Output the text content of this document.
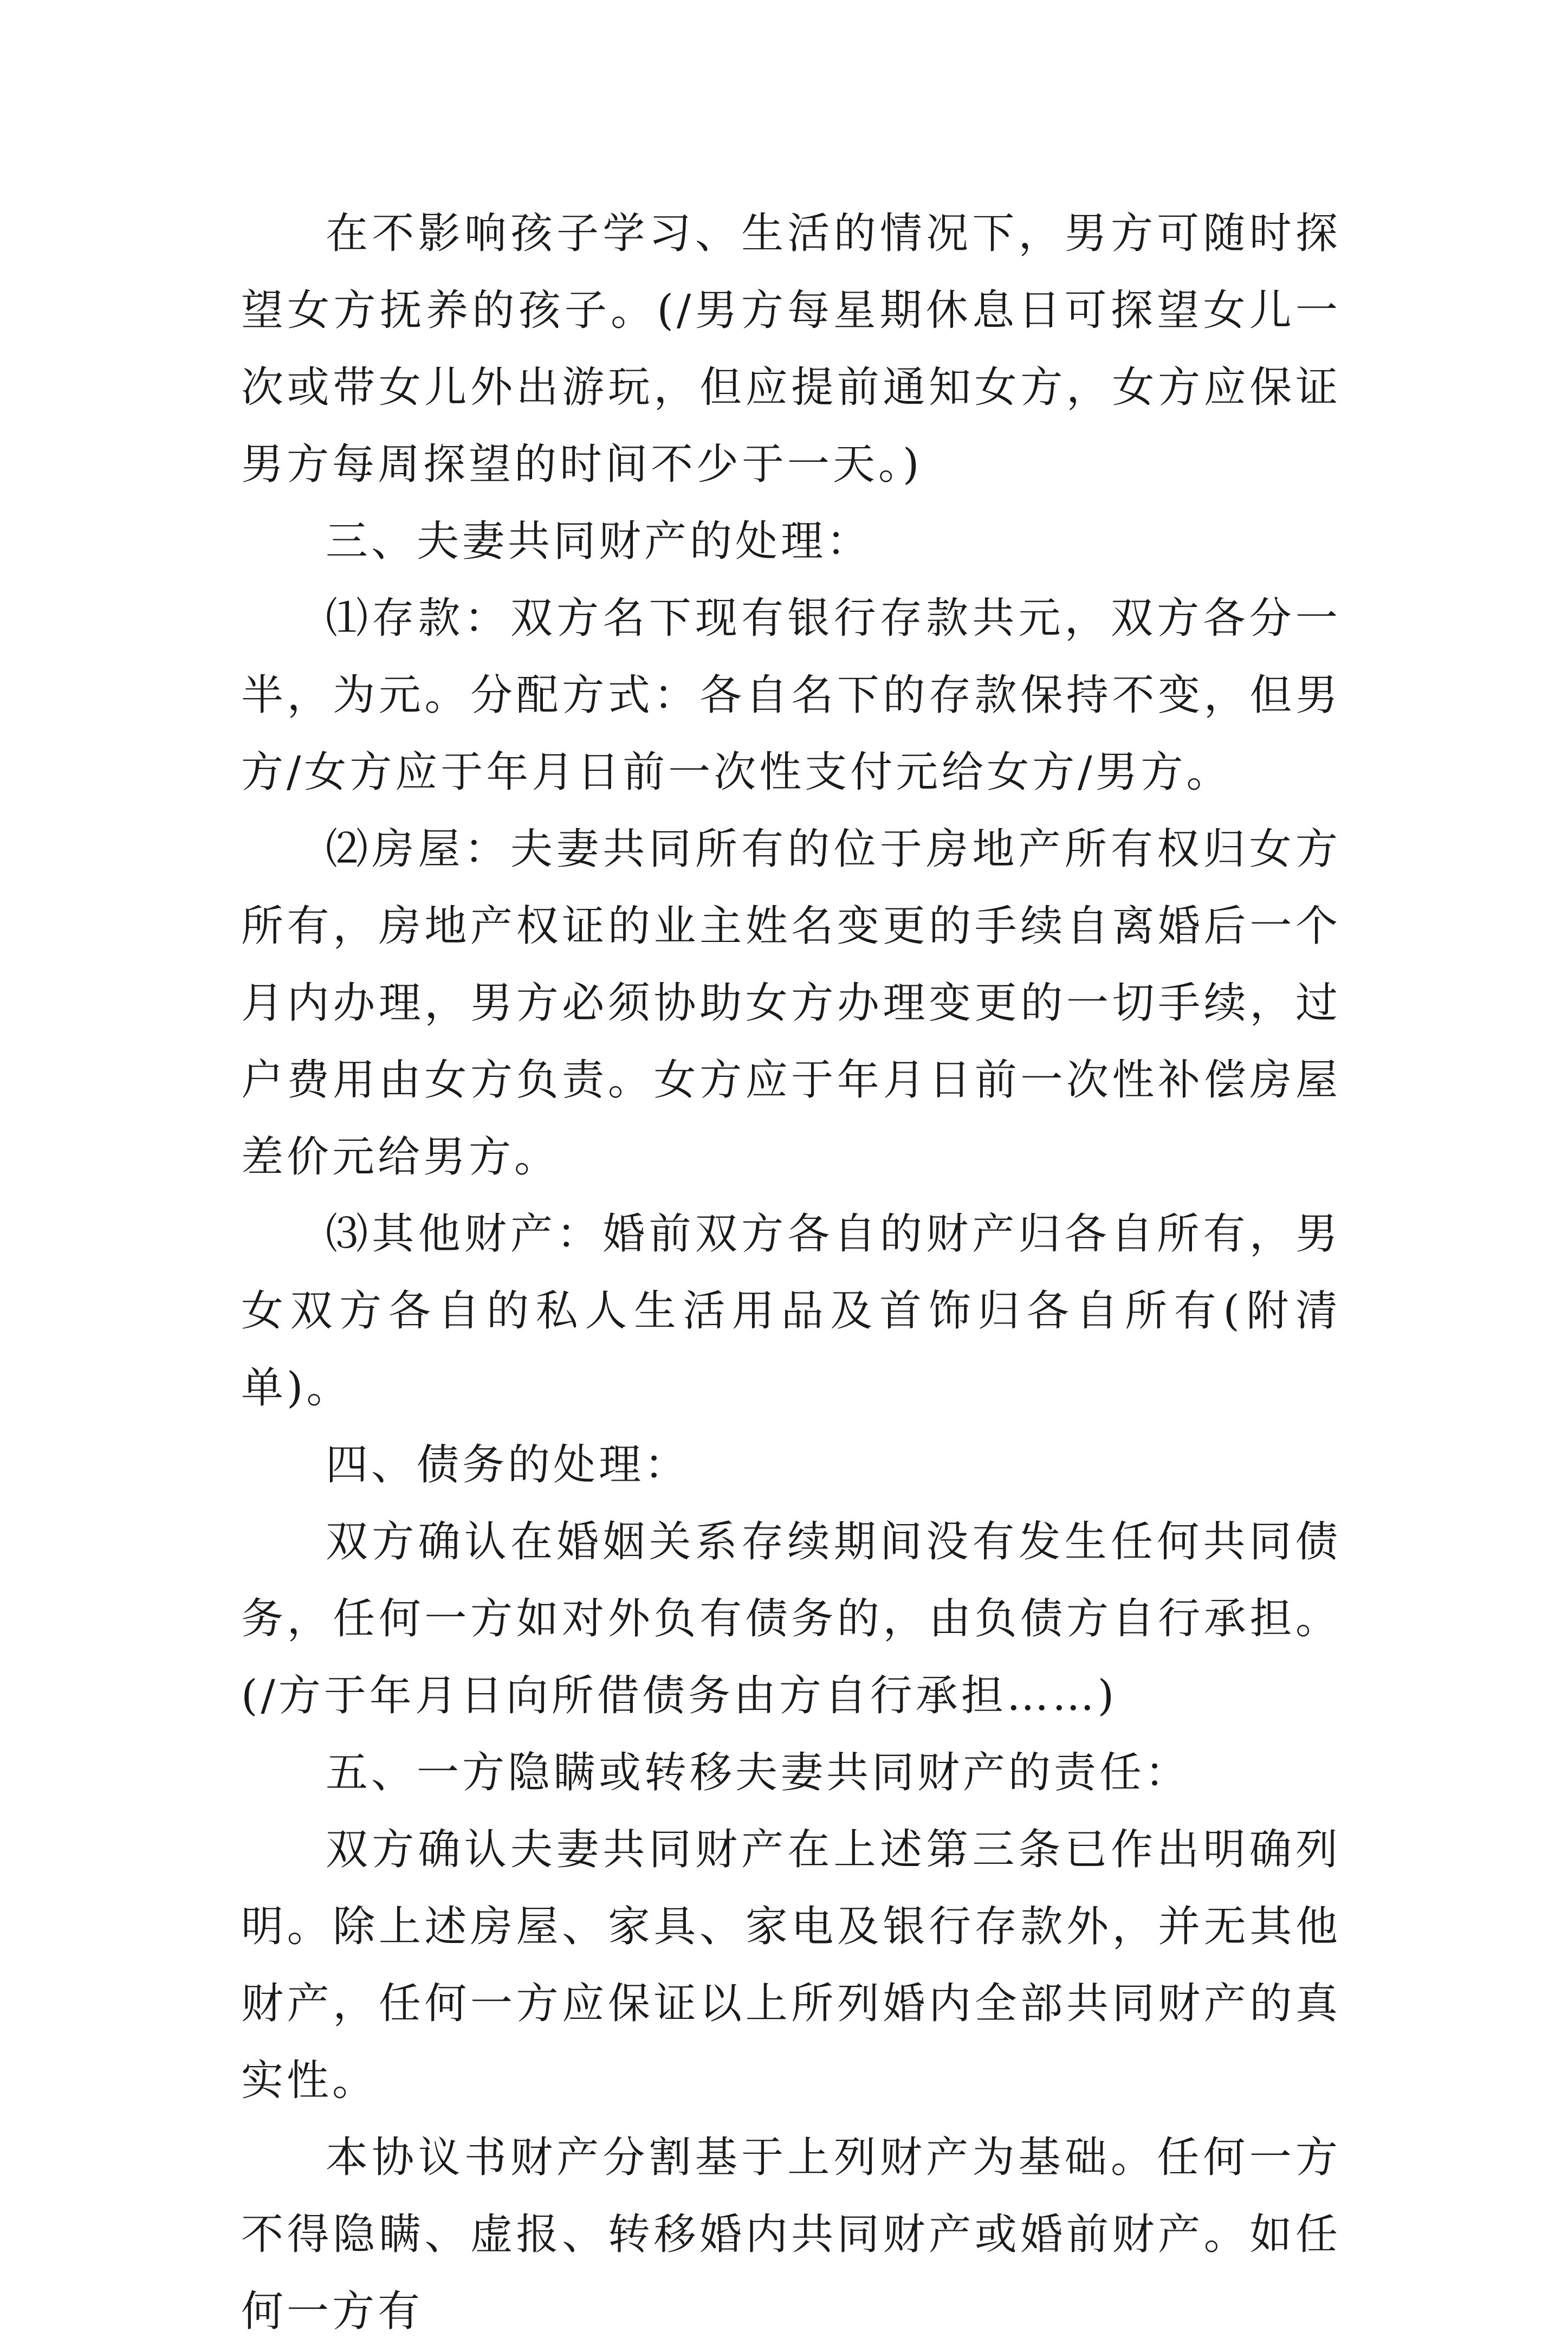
在不影响孩子学习、生活的情况下，男方可随时探望女方抚养的孩子。(/男方每星期休息日可探望女儿一次或带女儿外出游玩，但应提前通知女方，女方应保证男方每周探望的时间不少于一天。)

三、夫妻共同财产的处理：

⑴存款：双方名下现有银行存款共元，双方各分一半，为元。分配方式：各自名下的存款保持不变，但男方/女方应于年月日前一次性支付元给女方/男方。

⑵房屋：夫妻共同所有的位于房地产所有权归女方所有，房地产权证的业主姓名变更的手续自离婚后一个月内办理，男方必须协助女方办理变更的一切手续，过户费用由女方负责。女方应于年月日前一次性补偿房屋差价元给男方。

⑶其他财产：婚前双方各自的财产归各自所有，男女双方各自的私人生活用品及首饰归各自所有(附清单)。

四、债务的处理：

双方确认在婚姻关系存续期间没有发生任何共同债务，任何一方如对外负有债务的，由负债方自行承担。(/方于年月日向所借债务由方自行承担……)

五、一方隐瞒或转移夫妻共同财产的责任：

双方确认夫妻共同财产在上述第三条已作出明确列明。除上述房屋、家具、家电及银行存款外，并无其他财产，任何一方应保证以上所列婚内全部共同财产的真实性。

本协议书财产分割基于上列财产为基础。任何一方不得隐瞒、虚报、转移婚内共同财产或婚前财产。如任何一方有
